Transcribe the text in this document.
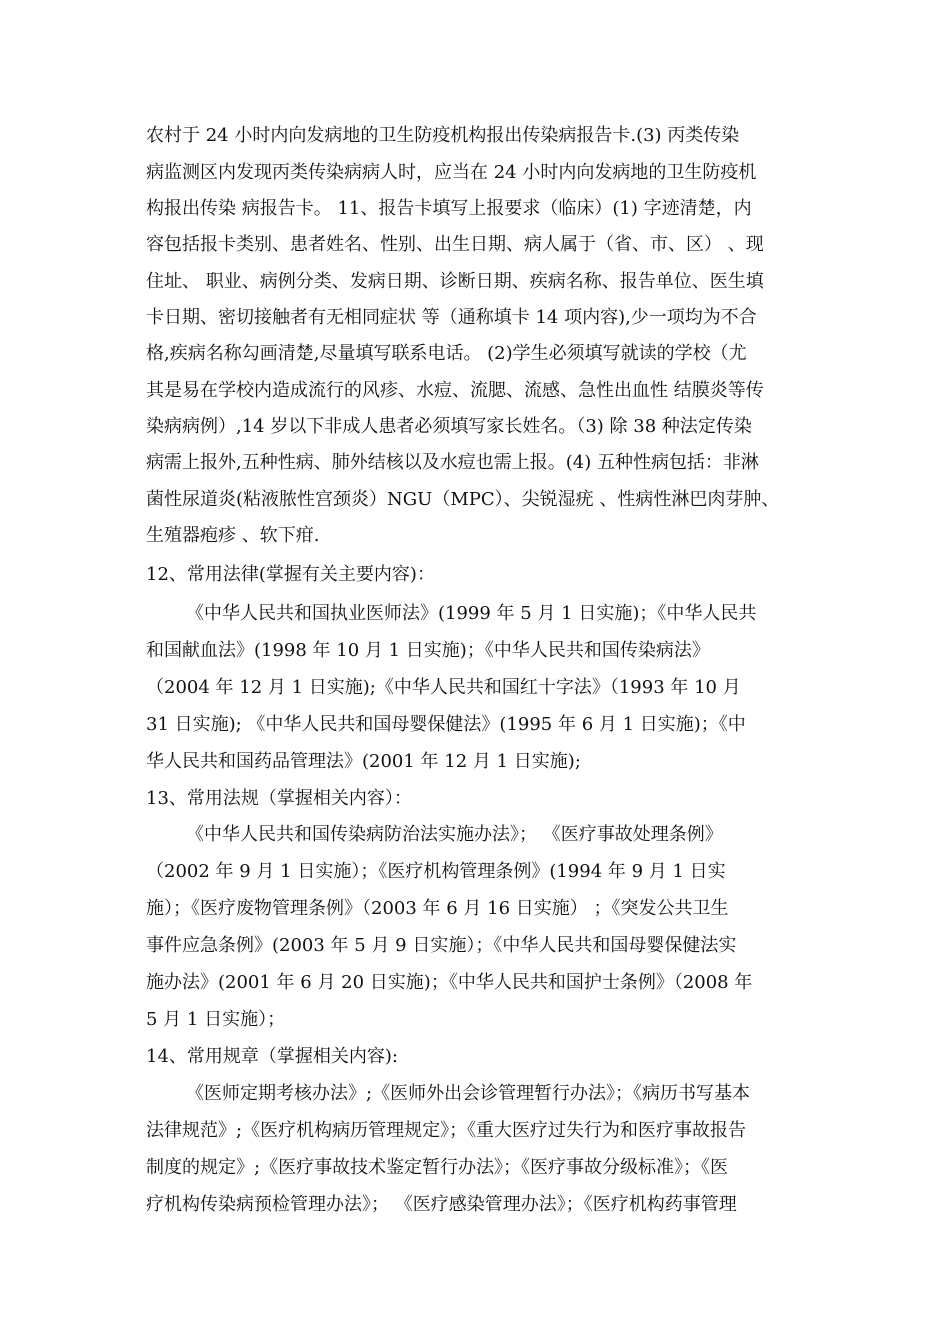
农村于 24 小时内向发病地的卫生防疫机构报出传染病报告卡.(3) 丙类传染
病监测区内发现丙类传染病病人时，应当在 24 小时内向发病地的卫生防疫机
构报出传染 病报告卡。 11、报告卡填写上报要求（临床）(1) 字迹清楚，内
容包括报卡类别、患者姓名、性别、出生日期、病人属于（省、市、区） 、现
住址、 职业、病例分类、发病日期、诊断日期、疾病名称、报告单位、医生填
卡日期、密切接触者有无相同症状 等（通称填卡 14 项内容),少一项均为不合
格,疾病名称勾画清楚,尽量填写联系电话。 (2)学生必须填写就读的学校（尤
其是易在学校内造成流行的风疹、水痘、流腮、流感、急性出血性 结膜炎等传
染病病例）,14 岁以下非成人患者必须填写家长姓名。（3) 除 38 种法定传染
病需上报外,五种性病、肺外结核以及水痘也需上报。(4) 五种性病包括：非淋
菌性尿道炎(粘液脓性宫颈炎）NGU（MPC）、尖锐湿疣 、性病性淋巴肉芽肿、
生殖器疱疹 、软下疳.
12、常用法律(掌握有关主要内容)：
《中华人民共和国执业医师法》(1999 年 5 月 1 日实施)；《中华人民共
和国献血法》(1998 年 10 月 1 日实施)；《中华人民共和国传染病法》
（2004 年 12 月 1 日实施);《中华人民共和国红十字法》（1993 年 10 月
31 日实施); 《中华人民共和国母婴保健法》(1995 年 6 月 1 日实施)；《中
华人民共和国药品管理法》(2001 年 12 月 1 日实施);
13、常用法规（掌握相关内容）：
《中华人民共和国传染病防治法实施办法》； 《医疗事故处理条例》
（2002 年 9 月 1 日实施）；《医疗机构管理条例》(1994 年 9 月 1 日实
施）；《医疗废物管理条例》（2003 年 6 月 16 日实施） ；《突发公共卫生
事件应急条例》(2003 年 5 月 9 日实施）；《中华人民共和国母婴保健法实
施办法》(2001 年 6 月 20 日实施)；《中华人民共和国护士条例》（2008 年
5 月 1 日实施）；
14、常用规章（掌握相关内容):
《医师定期考核办法》;《医师外出会诊管理暂行办法》；《病历书写基本
法律规范》;《医疗机构病历管理规定》；《重大医疗过失行为和医疗事故报告
制度的规定》;《医疗事故技术鉴定暂行办法》；《医疗事故分级标准》；《医
疗机构传染病预检管理办法》； 《医疗感染管理办法》；《医疗机构药事管理
